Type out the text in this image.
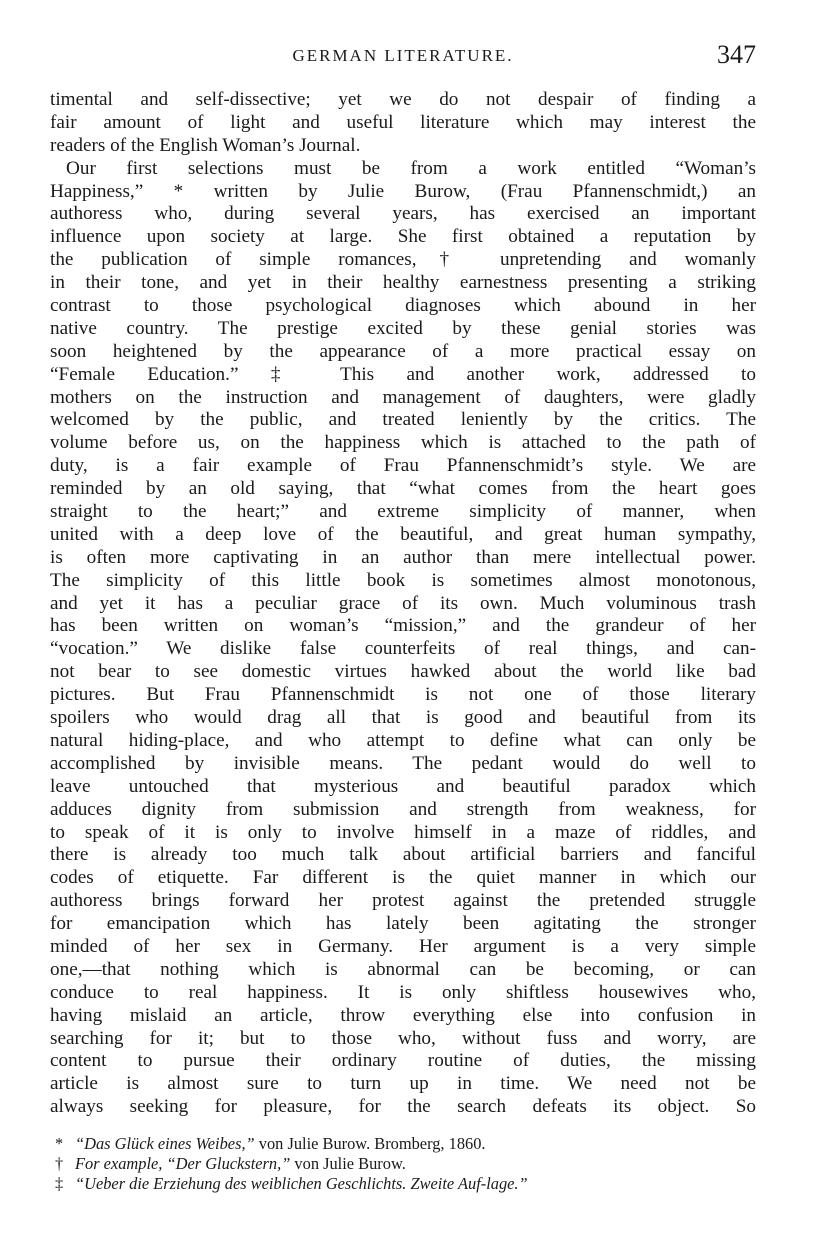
GERMAN LITERATURE.	347
timental and self-dissective; yet we do not despair of finding a
fair amount of light and useful literature which may interest the
readers of the English Woman’s Journal.
Our first selections must be from a work entitled “Woman’s
Happiness,” * written by Julie Burow, (Frau Pfannenschmidt,) an
authoress who, during several years, has exercised an important
influence upon society at large. She first obtained a reputation by
the publication of simple romances,† unpretending and womanly
in their tone, and yet in their healthy earnestness presenting a striking
contrast to those psychological diagnoses which abound in her
native country. The prestige excited by these genial stories was
soon heightened by the appearance of a more practical essay on
“Female Education.” ‡ This and another work, addressed to
mothers on the instruction and management of daughters, were gladly
welcomed by the public, and treated leniently by the critics. The
volume before us, on the happiness which is attached to the path of
duty, is a fair example of Frau Pfannenschmidt’s style. We are
reminded by an old saying, that “what comes from the heart goes
straight to the heart;” and extreme simplicity of manner, when
united with a deep love of the beautiful, and great human sympathy,
is often more captivating in an author than mere intellectual power.
The simplicity of this little book is sometimes almost monotonous,
and yet it has a peculiar grace of its own. Much voluminous trash
has been written on woman’s “mission,” and the grandeur of her
“vocation.” We dislike false counterfeits of real things, and can-
not bear to see domestic virtues hawked about the world like bad
pictures. But Frau Pfannenschmidt is not one of those literary
spoilers who would drag all that is good and beautiful from its
natural hiding-place, and who attempt to define what can only be
accomplished by invisible means. The pedant would do well to
leave untouched that mysterious and beautiful paradox which
adduces dignity from submission and strength from weakness, for
to speak of it is only to involve himself in a maze of riddles, and
there is already too much talk about artificial barriers and fanciful
codes of etiquette. Far different is the quiet manner in which our
authoress brings forward her protest against the pretended struggle
for emancipation which has lately been agitating the stronger
minded of her sex in Germany. Her argument is a very simple
one,—that nothing which is abnormal can be becoming, or can
conduce to real happiness. It is only shiftless housewives who,
having mislaid an article, throw everything else into confusion in
searching for it; but to those who, without fuss and worry, are
content to pursue their ordinary routine of duties, the missing
article is almost sure to turn up in time. We need not be
always seeking for pleasure, for the search defeats its object. So
* “Das Glück eines Weibes,” von Julie Burow. Bromberg, 1860.
† For example, “Der Gluckstern,” von Julie Burow.
‡ “Ueber die Erziehung des weiblichen Geschlichts. Zweite Auf-lage.”
